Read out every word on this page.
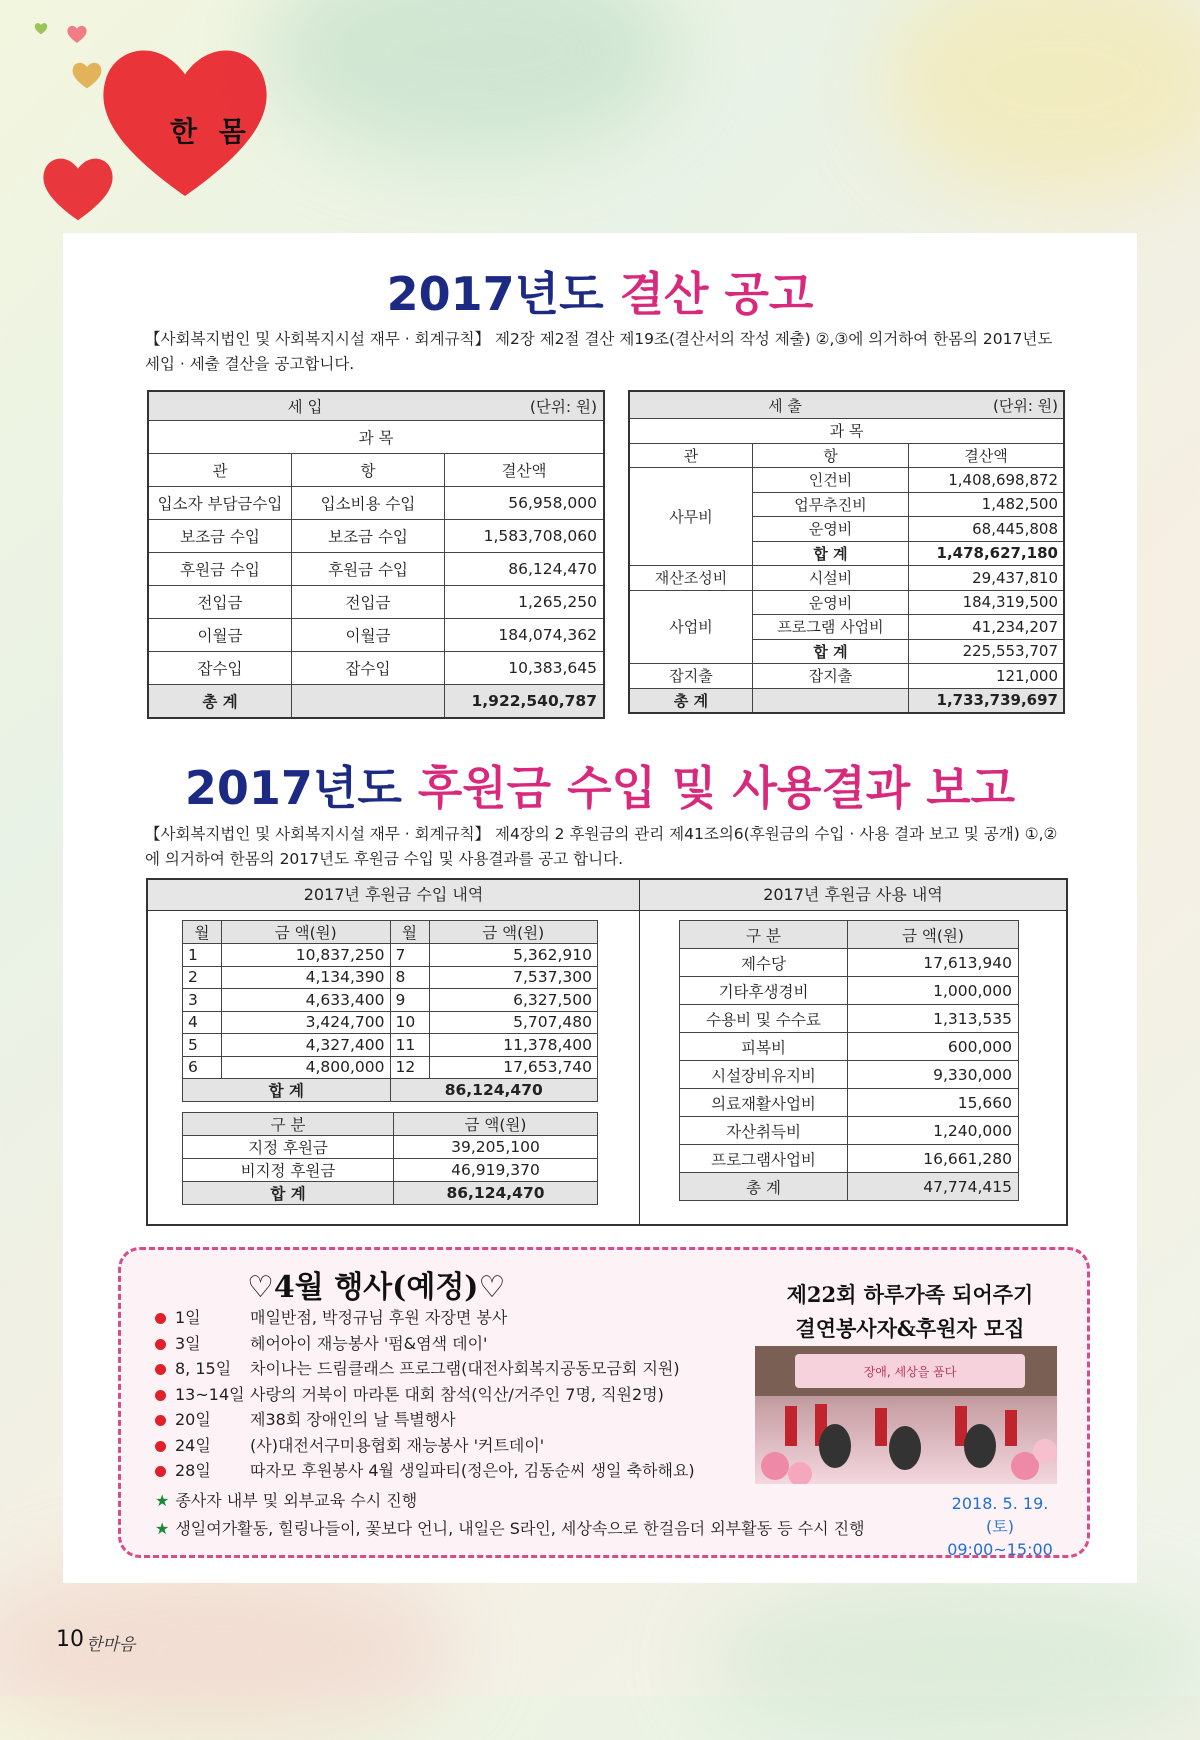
한 몸
2017년도 결산 공고
【사회복지법인 및 사회복지시설 재무 · 회계규칙】 제2장 제2절 결산 제19조(결산서의 작성 제출) ②,③에 의거하여 한몸의 2017년도 세입 · 세출 결산을 공고합니다.
세 입 (단위: 원)		

과 목		
관	항	결산액
입소자 부담금수입	입소비용 수입	56,958,000
보조금 수입	보조금 수입	1,583,708,060
후원금 수입	후원금 수입	86,124,470
전입금	전입금	1,265,250
이월금	이월금	184,074,362
잡수입	잡수입	10,383,645
총 계		1,922,540,787
세 출 (단위: 원)		

과 목		
관	항	결산액
사무비	인건비	1,408,698,872
	업무추진비	1,482,500
	운영비	68,445,808
	합 계	1,478,627,180
재산조성비	시설비	29,437,810
사업비	운영비	184,319,500
	프로그램 사업비	41,234,207
	합 계	225,553,707
잡지출	잡지출	121,000
총 계		1,733,739,697
2017년도 후원금 수입 및 사용결과 보고
【사회복지법인 및 사회복지시설 재무 · 회계규칙】 제4장의 2 후원금의 관리 제41조의6(후원금의 수입 · 사용 결과 보고 및 공개) ①,②에 의거하여 한몸의 2017년도 후원금 수입 및 사용결과를 공고 합니다.
2017년 후원금 수입 내역	2017년 후원금 사용 내역
월	금 액(원)	월	금 액(원)
1	10,837,250	7	5,362,910
2	4,134,390	8	7,537,300
3	4,633,400	9	6,327,500
4	3,424,700	10	5,707,480
5	4,327,400	11	11,378,400
6	4,800,000	12	17,653,740
합 계		86,124,470	
구 분	금 액(원)
지정 후원금	39,205,100
비지정 후원금	46,919,370
합 계	86,124,470
구 분	금 액(원)
제수당	17,613,940
기타후생경비	1,000,000
수용비 및 수수료	1,313,535
피복비	600,000
시설장비유지비	9,330,000
의료재활사업비	15,660
자산취득비	1,240,000
프로그램사업비	16,661,280
총 계	47,774,415
♡4월 행사(예정)♡
1일	매일반점, 박정규님 후원 자장면 봉사
3일	헤어아이 재능봉사 '펌&염색 데이'
8, 15일 차이나는 드림클래스 프로그램(대전사회복지공동모금회 지원)
13~14일 사랑의 거북이 마라톤 대회 참석(익산/거주인 7명, 직원2명)
20일 제38회 장애인의 날 특별행사
24일 (사)대전서구미용협회 재능봉사 '커트데이'
28일 따자모 후원봉사 4월 생일파티(정은아, 김동순씨 생일 축하해요)
★ 종사자 내부 및 외부교육 수시 진행
★ 생일여가활동, 힐링나들이, 꽃보다 언니, 내일은 S라인, 세상속으로 한걸음더 외부활동 등 수시 진행
제22회 하루가족 되어주기
결연봉사자&후원자 모집
장애, 세상을 품다
2018. 5. 19.(토)
09:00~15:00
10 한마음
